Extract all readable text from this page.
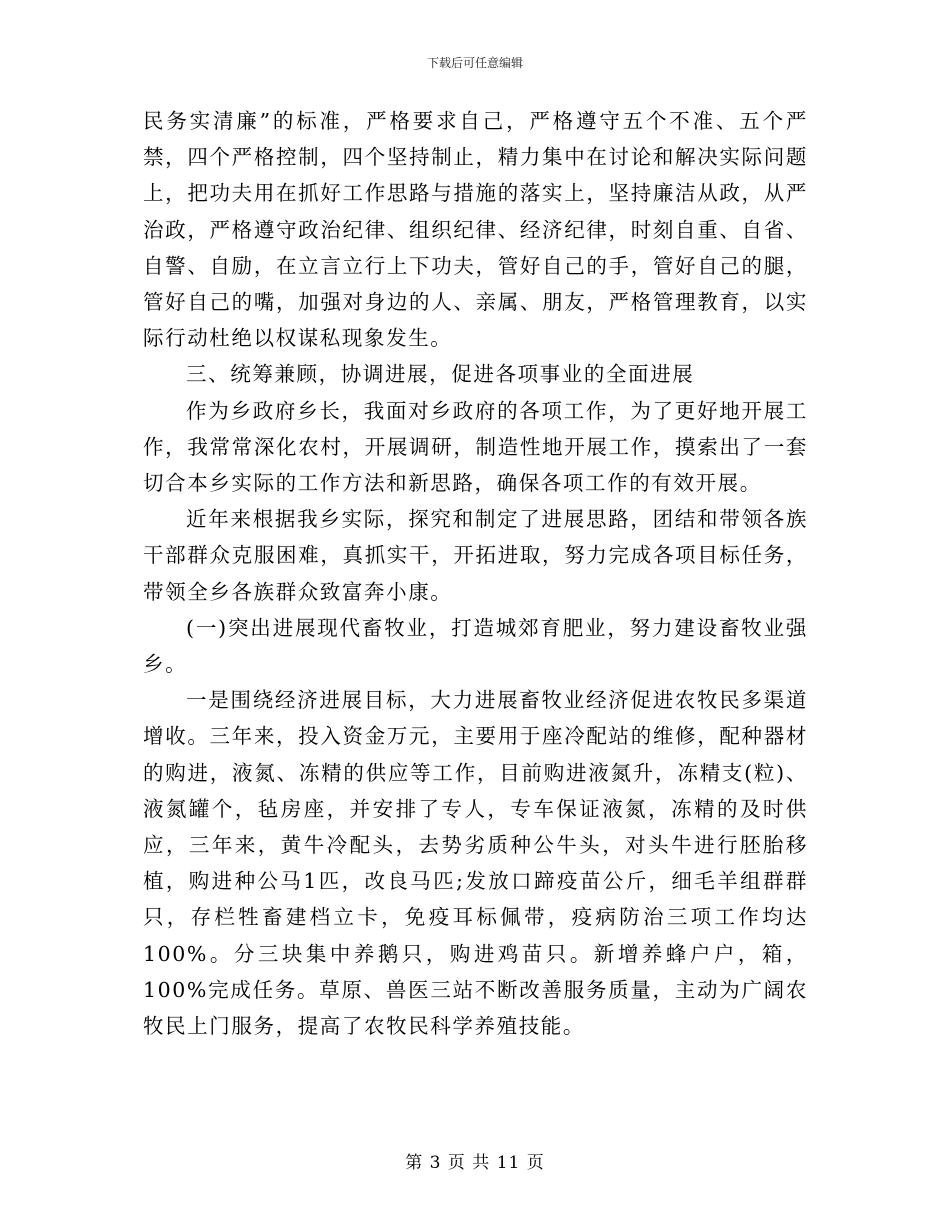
下载后可任意编辑

民务实清廉”的标准，严格要求自己，严格遵守五个不准、五个严禁，四个严格控制，四个坚持制止，精力集中在讨论和解决实际问题上，把功夫用在抓好工作思路与措施的落实上，坚持廉洁从政，从严治政，严格遵守政治纪律、组织纪律、经济纪律，时刻自重、自省、自警、自励，在立言立行上下功夫，管好自己的手，管好自己的腿，管好自己的嘴，加强对身边的人、亲属、朋友，严格管理教育，以实际行动杜绝以权谋私现象发生。

三、统筹兼顾，协调进展，促进各项事业的全面进展

作为乡政府乡长，我面对乡政府的各项工作，为了更好地开展工作，我常常深化农村，开展调研，制造性地开展工作，摸索出了一套切合本乡实际的工作方法和新思路，确保各项工作的有效开展。

近年来根据我乡实际，探究和制定了进展思路，团结和带领各族干部群众克服困难，真抓实干，开拓进取，努力完成各项目标任务，带领全乡各族群众致富奔小康。

(一)突出进展现代畜牧业，打造城郊育肥业，努力建设畜牧业强乡。

一是围绕经济进展目标，大力进展畜牧业经济促进农牧民多渠道增收。三年来，投入资金万元，主要用于座冷配站的维修，配种器材的购进，液氮、冻精的供应等工作，目前购进液氮升，冻精支(粒)、液氮罐个，毡房座，并安排了专人，专车保证液氮，冻精的及时供应，三年来，黄牛冷配头，去势劣质种公牛头，对头牛进行胚胎移植，购进种公马1匹，改良马匹;发放口蹄疫苗公斤，细毛羊组群群只，存栏牲畜建档立卡，免疫耳标佩带，疫病防治三项工作均达100%。分三块集中养鹅只，购进鸡苗只。新增养蜂户户，箱，100%完成任务。草原、兽医三站不断改善服务质量，主动为广阔农牧民上门服务，提高了农牧民科学养殖技能。

第 3 页 共 11 页
